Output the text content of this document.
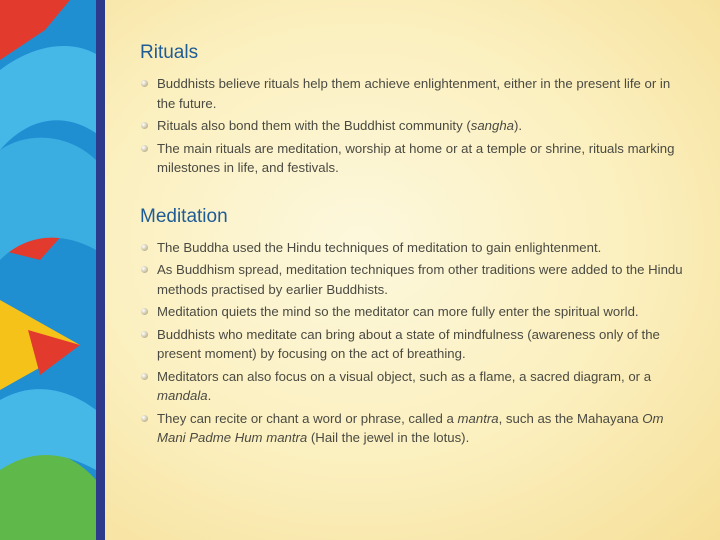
Rituals
Buddhists believe rituals help them achieve enlightenment, either in the present life or in the future.
Rituals also bond them with the Buddhist community (sangha).
The main rituals are meditation, worship at home or at a temple or shrine, rituals marking milestones in life, and festivals.
Meditation
The Buddha used the Hindu techniques of meditation to gain enlightenment.
As Buddhism spread, meditation techniques from other traditions were added to the Hindu methods practised by earlier Buddhists.
Meditation quiets the mind so the meditator can more fully enter the spiritual world.
Buddhists who meditate can bring about a state of mindfulness (awareness only of the present moment) by focusing on the act of breathing.
Meditators can also focus on a visual object, such as a flame, a sacred diagram, or a mandala.
They can recite or chant a word or phrase, called a mantra, such as the Mahayana Om Mani Padme Hum mantra (Hail the jewel in the lotus).
